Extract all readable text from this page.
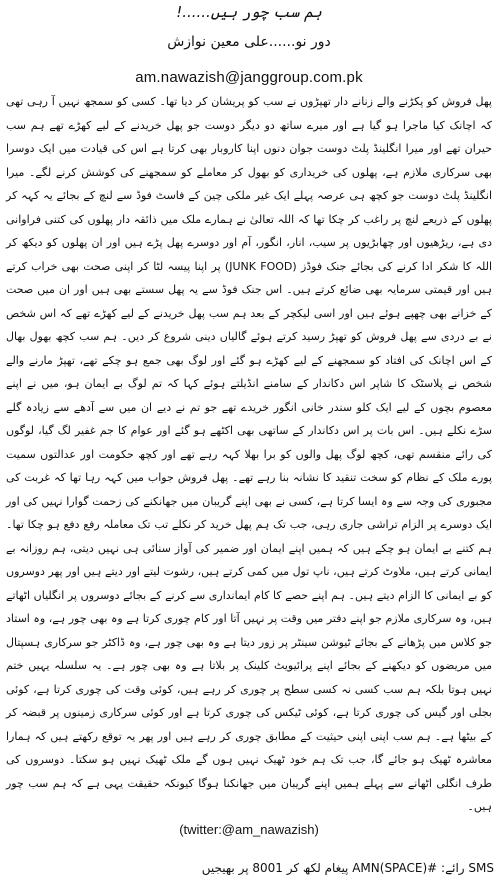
ہم سب چور ہیں......!
دور نو......علی معین نوازش
am.nawazish@janggroup.com.pk
پھل فروش کو پکڑنے والے زنانے دار تھپڑوں نے سب کو پریشان کر دیا تھا۔ کسی کو سمجھ نہیں آ رہی تھی کہ اچانک کیا ماجرا ہو گیا ہے اور میرے ساتھ دو دیگر دوست جو پھل خریدنے کے لیے کھڑے تھے ہم سب حیران تھے اور میرا انگلینڈ پلٹ دوست جوان دنوں اپنا کاروبار بھی کرتا ہے اس کی قیادت میں ایک دوسرا بھی سرکاری ملازم ہے، پھلوں کی خریداری کو بھول کر معاملے کو سمجھنے کی کوشش کرنے لگے۔ میرا انگلینڈ پلٹ دوست جو کچھ ہی عرصہ پہلے ایک غیر ملکی چین کے فاسٹ فوڈ سے لنچ کے بجائے یہ کہہ کر پھلوں کے ذریعے لنچ پر راغب کر چکا تھا کہ اللہ تعالیٰ نے ہمارے ملک میں ذائقہ دار پھلوں کی کتنی فراوانی دی ہے، ریڑھیوں اور چھابڑیوں پر سیب، انار، انگور، آم اور دوسرے پھل پڑے ہیں اور ان پھلوں کو دیکھ کر اللہ کا شکر ادا کرنے کی بجائے جنک فوڈز (JUNK FOOD) پر اپنا پیسہ لٹا کر اپنی صحت بھی خراب کرتے ہیں اور قیمتی سرمایہ بھی ضائع کرتے ہیں۔ اس جنک فوڈ سے یہ پھل سستے بھی ہیں اور ان میں صحت کے خزانے بھی چھپے ہوئے ہیں اور اسی لیکچر کے بعد ہم سب پھل خریدنے کے لیے کھڑے تھے کہ اس شخص نے بے دردی سے پھل فروش کو تھپڑ رسید کرتے ہوئے گالیاں دینی شروع کر دیں۔ ہم سب کچھ بھول بھال کے اس اچانک کی افتاد کو سمجھنے کے لیے کھڑے ہو گئے اور لوگ بھی جمع ہو چکے تھے، تھپڑ مارنے والے شخص نے پلاسٹک کا شاپر اس دکاندار کے سامنے انڈیلتے ہوئے کہا کہ تم لوگ بے ایمان ہو، میں نے اپنے معصوم بچوں کے لیے ایک کلو سندر خانی انگور خریدے تھے جو تم نے دیے ان میں سے آدھے سے زیادہ گلے سڑے نکلے ہیں۔ اس بات پر اس دکاندار کے ساتھی بھی اکٹھے ہو گئے اور عوام کا جم غفیر لگ گیا، لوگوں کی رائے منقسم تھی، کچھ لوگ پھل والوں کو برا بھلا کہہ رہے تھے اور کچھ حکومت اور عدالتوں سمیت پورے ملک کے نظام کو سخت تنقید کا نشانہ بنا رہے تھے۔ پھل فروش جواب میں کہہ رہا تھا کہ غربت کی مجبوری کی وجہ سے وہ ایسا کرتا ہے، کسی نے بھی اپنے گریبان میں جھانکنے کی زحمت گوارا نہیں کی اور ایک دوسرے پر الزام تراشی جاری رہی، جب تک ہم پھل خرید کر نکلے تب تک معاملہ رفع دفع ہو چکا تھا۔ ہم کتنے بے ایمان ہو چکے ہیں کہ ہمیں اپنے ایمان اور ضمیر کی آواز سنائی ہی نہیں دیتی، ہم روزانہ بے ایمانی کرتے ہیں، ملاوٹ کرتے ہیں، ناپ تول میں کمی کرتے ہیں، رشوت لیتے اور دیتے ہیں اور پھر دوسروں کو بے ایمانی کا الزام دیتے ہیں۔ ہم اپنے حصے کا کام ایمانداری سے کرنے کے بجائے دوسروں پر انگلیاں اٹھاتے ہیں، وہ سرکاری ملازم جو اپنے دفتر میں وقت پر نہیں آتا اور کام چوری کرتا ہے وہ بھی چور ہے، وہ استاد جو کلاس میں پڑھانے کے بجائے ٹیوشن سینٹر پر زور دیتا ہے وہ بھی چور ہے، وہ ڈاکٹر جو سرکاری ہسپتال میں مریضوں کو دیکھنے کے بجائے اپنے پرائیویٹ کلینک پر بلاتا ہے وہ بھی چور ہے۔ یہ سلسلہ یہیں ختم نہیں ہوتا بلکہ ہم سب کسی نہ کسی سطح پر چوری کر رہے ہیں، کوئی وقت کی چوری کرتا ہے، کوئی بجلی اور گیس کی چوری کرتا ہے، کوئی ٹیکس کی چوری کرتا ہے اور کوئی سرکاری زمینوں پر قبضہ کر کے بیٹھا ہے۔ ہم سب اپنی اپنی حیثیت کے مطابق چوری کر رہے ہیں اور پھر یہ توقع رکھتے ہیں کہ ہمارا معاشرہ ٹھیک ہو جائے گا، جب تک ہم خود ٹھیک نہیں ہوں گے ملک ٹھیک نہیں ہو سکتا۔ دوسروں کی طرف انگلی اٹھانے سے پہلے ہمیں اپنے گریبان میں جھانکنا ہوگا کیونکہ حقیقت یہی ہے کہ ہم سب چور ہیں۔
(twitter:@am_nawazish)
SMS رائے: #AMN(SPACE) پیغام لکھ کر 8001 پر بھیجیں
